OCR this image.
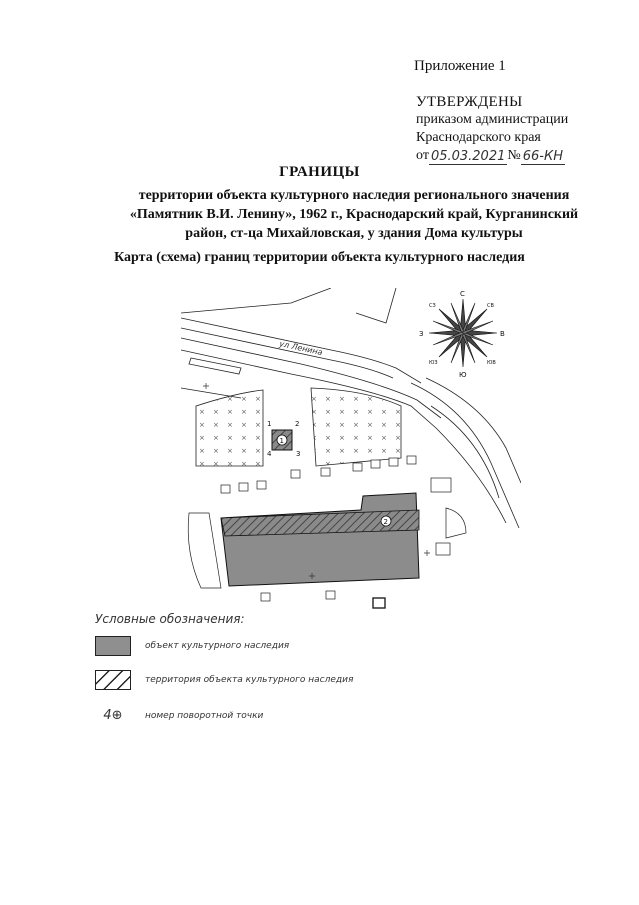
Приложение 1
УТВЕРЖДЕНЫ
приказом администрации
Краснодарского края
от 05.03.2021 № 66-КН
ГРАНИЦЫ
территории объекта культурного наследия регионального значения
«Памятник В.И. Ленину», 1962 г., Краснодарский край, Курганинский
район, ст-ца Михайловская, у здания Дома культуры
Карта (схема) границ территории объекта культурного наследия
ул Ленина
1
1	2
3
4
2
С
Ю
В
З
СВ
СЗ
ЮВ
ЮЗ
Условные обозначения:
объект культурного наследия
территория объекта культурного наследия
4⊕	номер поворотной точки
